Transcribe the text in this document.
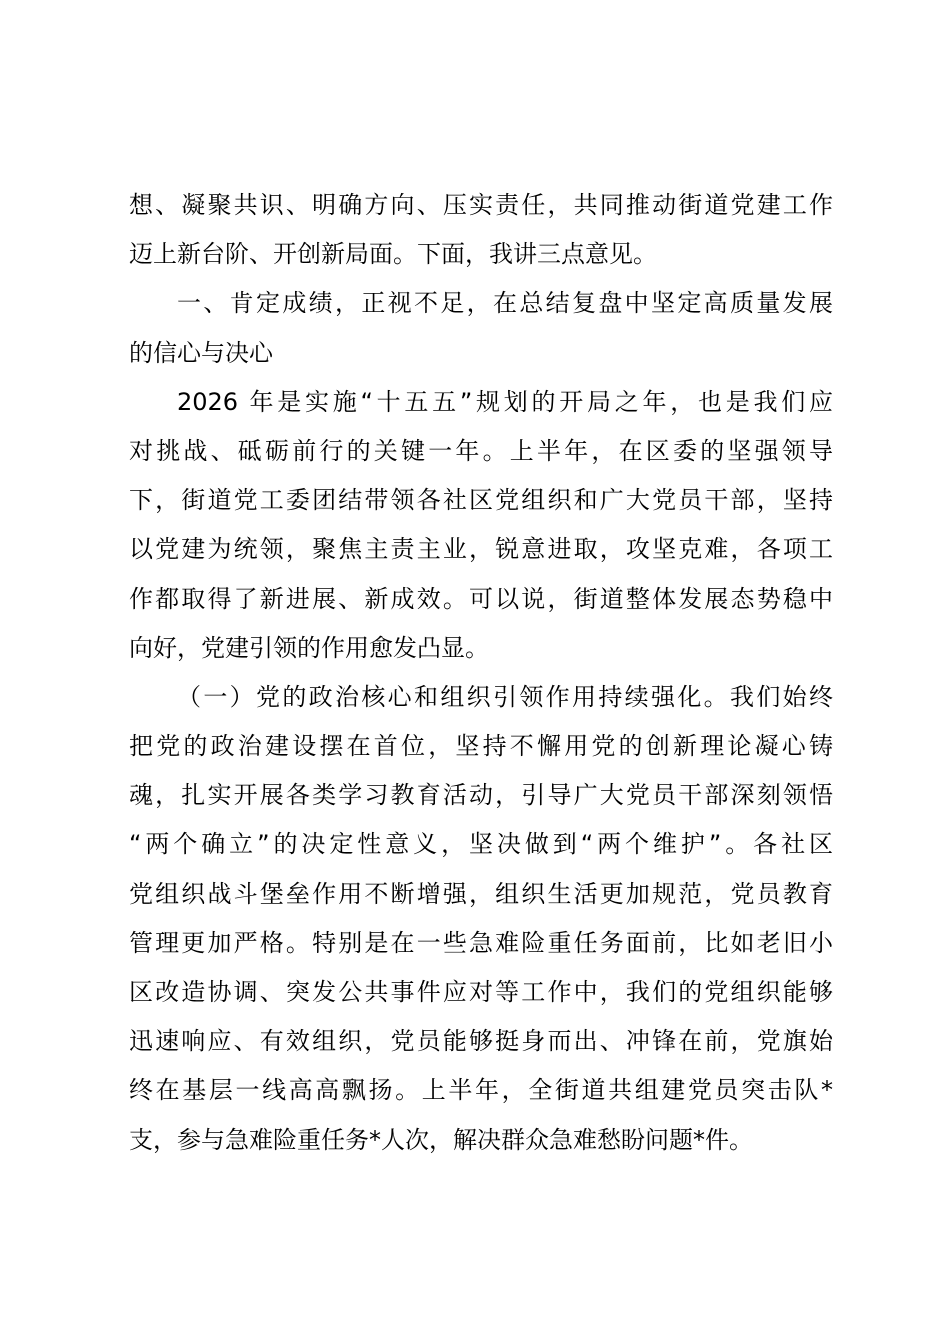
想、凝聚共识、明确方向、压实责任，共同推动街道党建工作
迈上新台阶、开创新局面。下面，我讲三点意见。
一、肯定成绩，正视不足，在总结复盘中坚定高质量发展
的信心与决心
2026 年是实施“十五五”规划的开局之年，也是我们应
对挑战、砥砺前行的关键一年。上半年，在区委的坚强领导
下，街道党工委团结带领各社区党组织和广大党员干部，坚持
以党建为统领，聚焦主责主业，锐意进取，攻坚克难，各项工
作都取得了新进展、新成效。可以说，街道整体发展态势稳中
向好，党建引领的作用愈发凸显。
（一）党的政治核心和组织引领作用持续强化。我们始终
把党的政治建设摆在首位，坚持不懈用党的创新理论凝心铸
魂，扎实开展各类学习教育活动，引导广大党员干部深刻领悟
“两个确立”的决定性意义，坚决做到“两个维护”。各社区
党组织战斗堡垒作用不断增强，组织生活更加规范，党员教育
管理更加严格。特别是在一些急难险重任务面前，比如老旧小
区改造协调、突发公共事件应对等工作中，我们的党组织能够
迅速响应、有效组织，党员能够挺身而出、冲锋在前，党旗始
终在基层一线高高飘扬。上半年，全街道共组建党员突击队*
支，参与急难险重任务*人次，解决群众急难愁盼问题*件。
